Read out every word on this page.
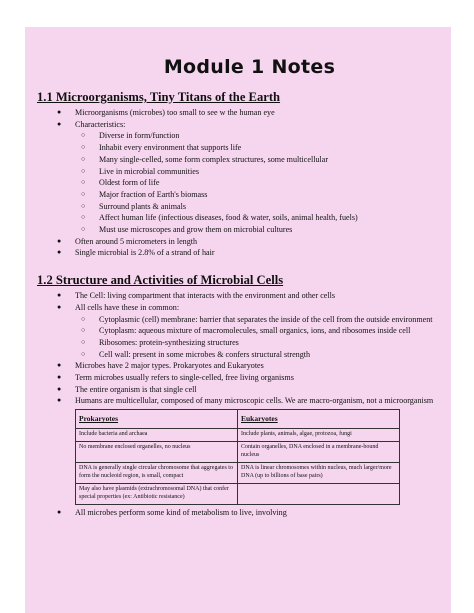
Module 1 Notes
1.1 Microorganisms, Tiny Titans of the Earth
● Microorganisms (microbes) too small to see w the human eye
● Characteristics:
○ Diverse in form/function
○ Inhabit every environment that supports life
○ Many single-celled, some form complex structures, some multicellular
○ Live in microbial communities
○ Oldest form of life
○ Major fraction of Earth's biomass
○ Surround plants & animals
○ Affect human life (infectious diseases, food & water, soils, animal health, fuels)
○ Must use microscopes and grow them on microbial cultures
● Often around 5 micrometers in length
● Single microbial is 2.8% of a strand of hair
1.2 Structure and Activities of Microbial Cells
● The Cell: living compartment that interacts with the environment and other cells
● All cells have these in common:
○ Cytoplasmic (cell) membrane: barrier that separates the inside of the cell from the outside environment
○ Cytoplasm: aqueous mixture of macromolecules, small organics, ions, and ribosomes inside cell
○ Ribosomes: protein-synthesizing structures
○ Cell wall: present in some microbes & confers structural strength
● Microbes have 2 major types. Prokaryotes and Eukaryotes
● Term microbes usually refers to single-celled, free living organisms
● The entire organism is that single cell
● Humans are multicellular, composed of many microscopic cells. We are macro-organism, not a microorganism
Prokaryotes	Eukaryotes
Include bacteria and archaea	Include plants, animals, algae, protozoa, fungi
No membrane enclosed organelles, no nucleus	Contain organelles, DNA enclosed in a membrane-bound nucleus
DNA is generally single circular chromosome that aggregates to form the nucleoid region, is small, compact	DNA is linear chromosomes within nucleus, much larger/more DNA (up to billions of base pairs)
May also have plasmids (extrachromosomal DNA) that confer special properties (ex: Antibiotic resistance)	
● All microbes perform some kind of metabolism to live, involving
